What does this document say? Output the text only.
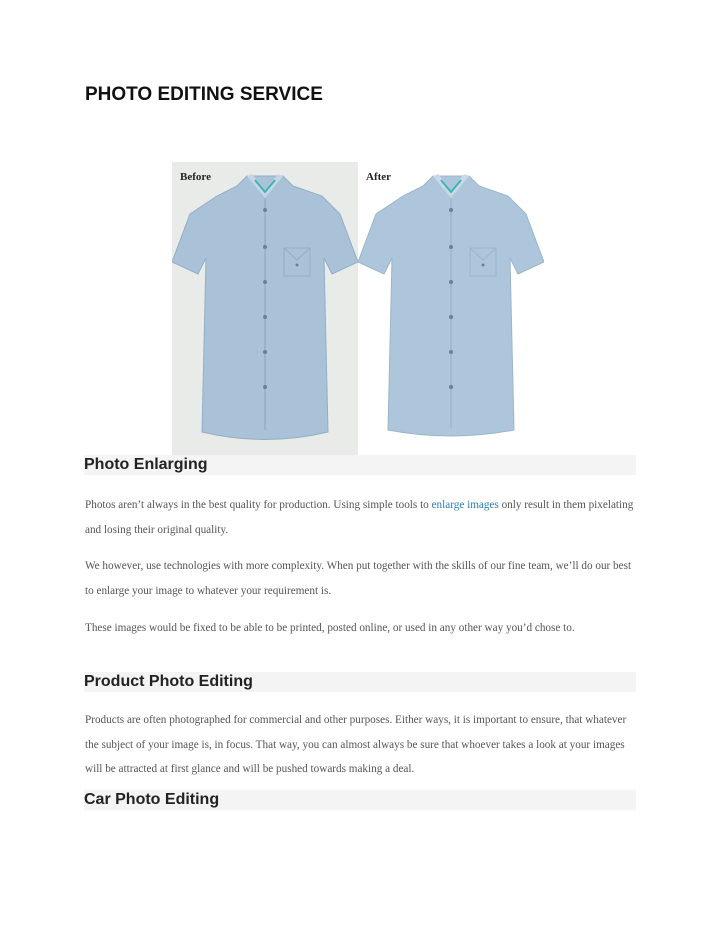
PHOTO EDITING SERVICE
Before	After
Photo Enlarging

Photos aren’t always in the best quality for production. Using simple tools to enlarge images only result in them pixelating and losing their original quality.

We however, use technologies with more complexity. When put together with the skills of our fine team, we’ll do our best to enlarge your image to whatever your requirement is.

These images would be fixed to be able to be printed, posted online, or used in any other way you’d chose to.

Product Photo Editing

Products are often photographed for commercial and other purposes. Either ways, it is important to ensure, that whatever the subject of your image is, in focus. That way, you can almost always be sure that whoever takes a look at your images will be attracted at first glance and will be pushed towards making a deal.

Car Photo Editing
